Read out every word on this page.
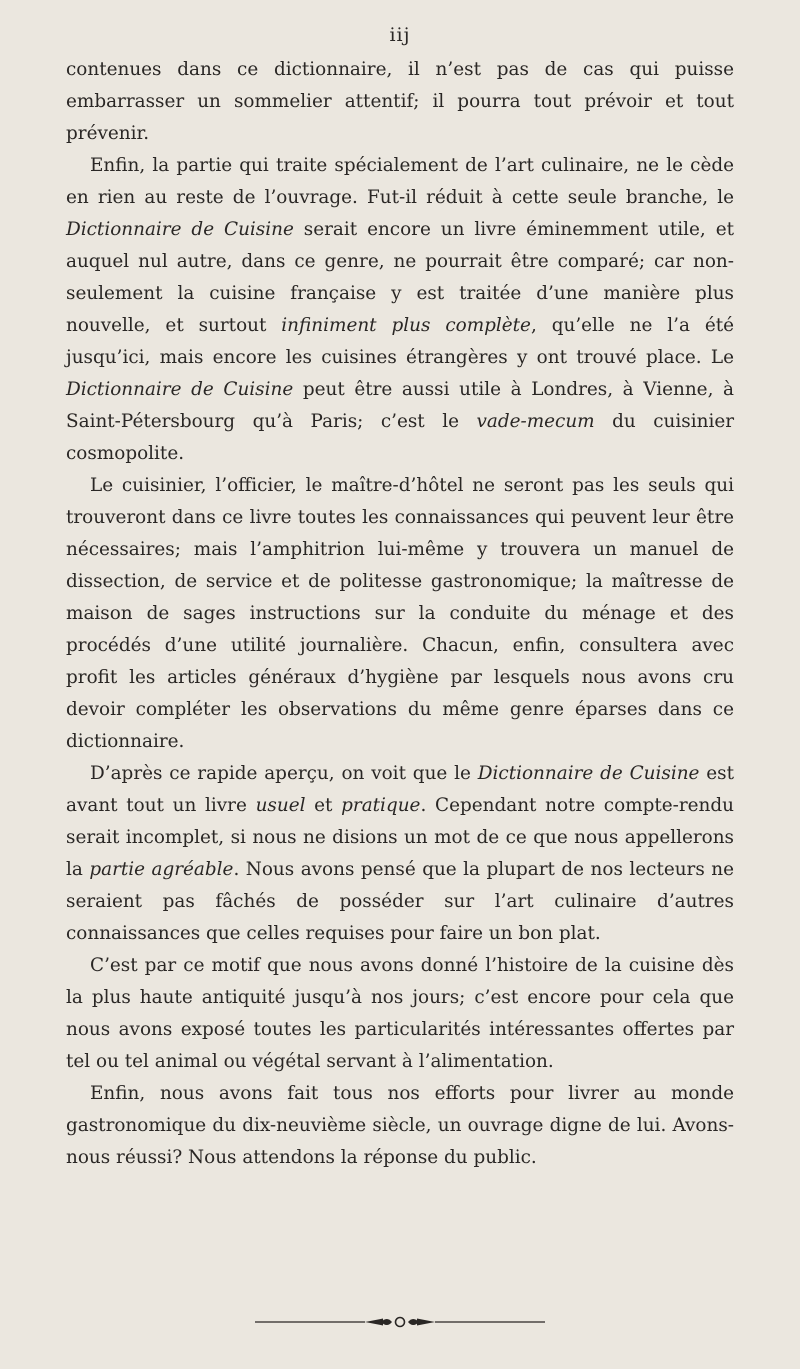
iij

contenues dans ce dictionnaire, il n’est pas de cas qui puisse embarrasser un sommelier attentif; il pourra tout prévoir et tout prévenir.

Enfin, la partie qui traite spécialement de l’art culinaire, ne le cède en rien au reste de l’ouvrage. Fut-il réduit à cette seule branche, le Dictionnaire de Cuisine serait encore un livre éminemment utile, et auquel nul autre, dans ce genre, ne pourrait être comparé; car non-seulement la cuisine française y est traitée d’une manière plus nouvelle, et surtout infiniment plus complète, qu’elle ne l’a été jusqu’ici, mais encore les cuisines étrangères y ont trouvé place. Le Dictionnaire de Cuisine peut être aussi utile à Londres, à Vienne, à Saint-Pétersbourg qu’à Paris; c’est le vade-mecum du cuisinier cosmopolite.

Le cuisinier, l’officier, le maître-d’hôtel ne seront pas les seuls qui trouveront dans ce livre toutes les connaissances qui peuvent leur être nécessaires; mais l’amphitrion lui-même y trouvera un manuel de dissection, de service et de politesse gastronomique; la maîtresse de maison de sages instructions sur la conduite du ménage et des procédés d’une utilité journalière. Chacun, enfin, consultera avec profit les articles généraux d’hygiène par lesquels nous avons cru devoir compléter les observations du même genre éparses dans ce dictionnaire.

D’après ce rapide aperçu, on voit que le Dictionnaire de Cuisine est avant tout un livre usuel et pratique. Cependant notre compte-rendu serait incomplet, si nous ne disions un mot de ce que nous appellerons la partie agréable. Nous avons pensé que la plupart de nos lecteurs ne seraient pas fâchés de posséder sur l’art culinaire d’autres connaissances que celles requises pour faire un bon plat.

C’est par ce motif que nous avons donné l’histoire de la cuisine dès la plus haute antiquité jusqu’à nos jours; c’est encore pour cela que nous avons exposé toutes les particularités intéressantes offertes par tel ou tel animal ou végétal servant à l’alimentation.

Enfin, nous avons fait tous nos efforts pour livrer au monde gastronomique du dix-neuvième siècle, un ouvrage digne de lui. Avons-nous réussi? Nous attendons la réponse du public.
